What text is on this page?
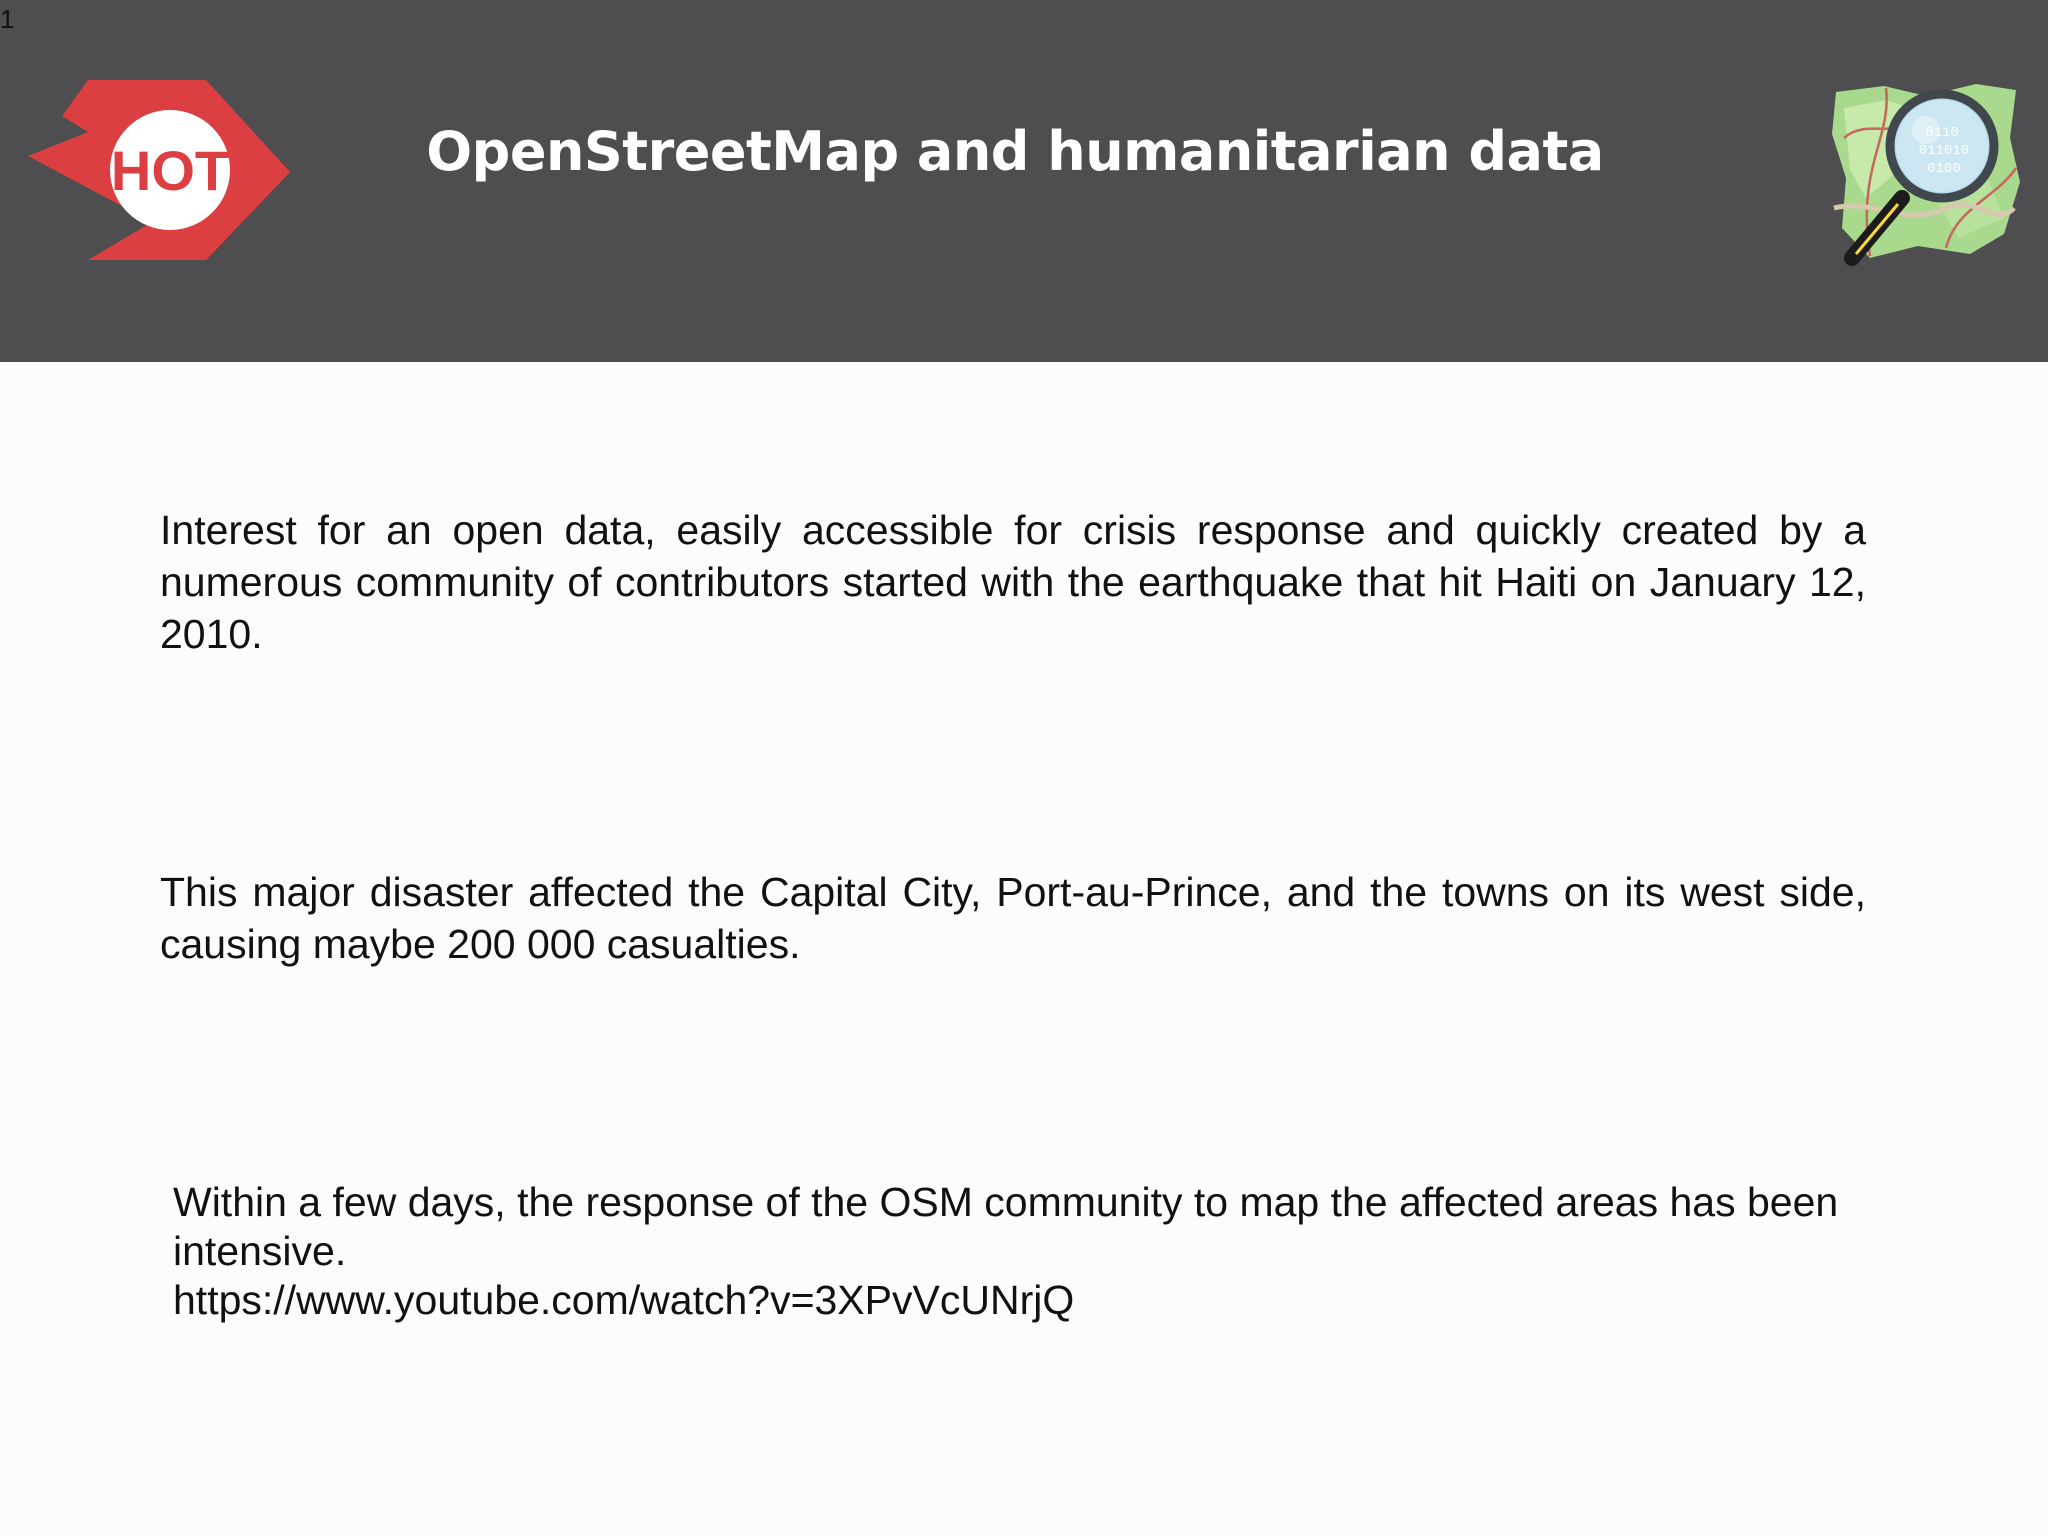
HOT	OpenStreetMap and humanitarian data	0110
011010
0100
1
Interest for an open data, easily accessible for crisis response and quickly created by a numerous community of contributors started with the earthquake that hit Haiti on January 12, 2010.
This major disaster affected the Capital City, Port-au-Prince, and the towns on its west side, causing maybe 200 000 casualties.
Within a few days, the response of the OSM community to map the affected areas has been intensive.
https://www.youtube.com/watch?v=3XPvVcUNrjQ
